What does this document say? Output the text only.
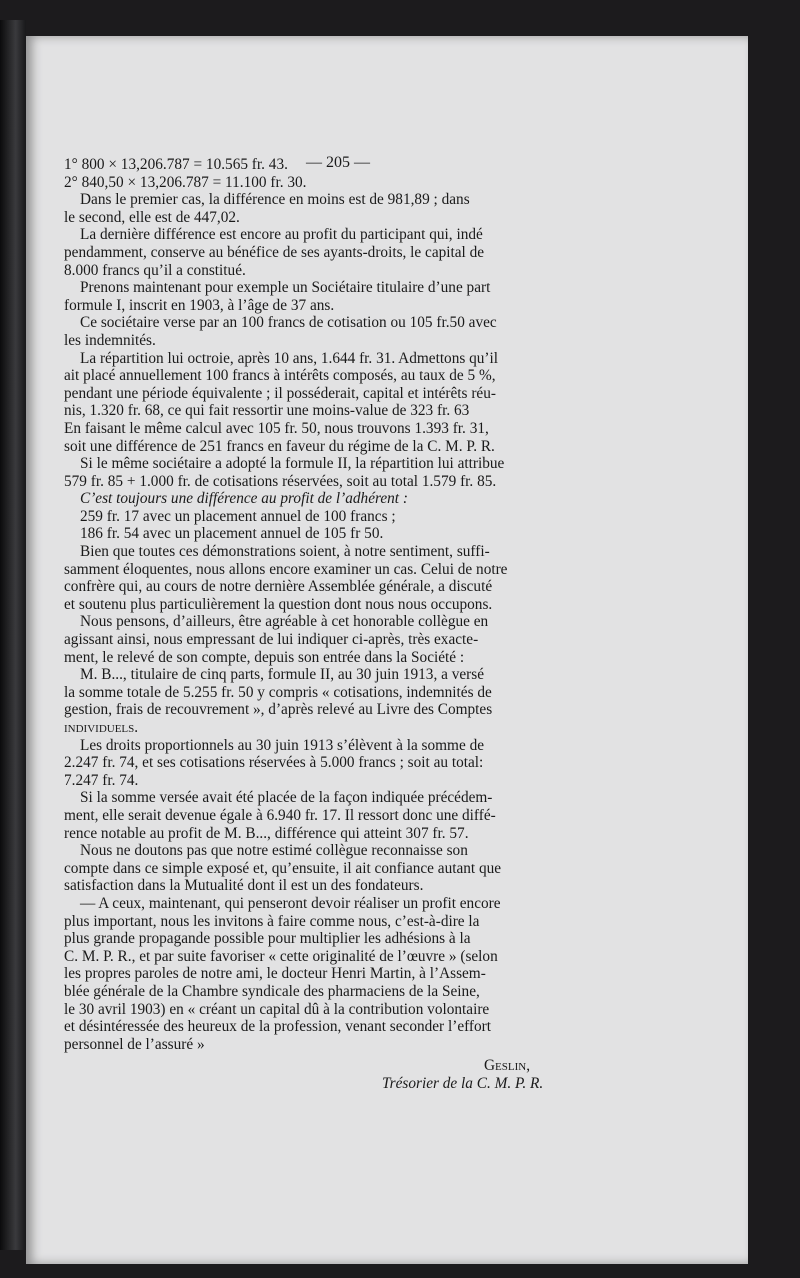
— 205 —
1° 800 × 13,206.787 = 10.565 fr. 43.
2° 840,50 × 13,206.787 = 11.100 fr. 30.
Dans le premier cas, la différence en moins est de 981,89 ; dans
le second, elle est de 447,02.
La dernière différence est encore au profit du participant qui, indé
pendamment, conserve au bénéfice de ses ayants-droits, le capital de
8.000 francs qu’il a constitué.
Prenons maintenant pour exemple un Sociétaire titulaire d’une part
formule I, inscrit en 1903, à l’âge de 37 ans.
Ce sociétaire verse par an 100 francs de cotisation ou 105 fr.50 avec
les indemnités.
La répartition lui octroie, après 10 ans, 1.644 fr. 31. Admettons qu’il
ait placé annuellement 100 francs à intérêts composés, au taux de 5 %,
pendant une période équivalente ; il posséderait, capital et intérêts réu-
nis, 1.320 fr. 68, ce qui fait ressortir une moins-value de 323 fr. 63
En faisant le même calcul avec 105 fr. 50, nous trouvons 1.393 fr. 31,
soit une différence de 251 francs en faveur du régime de la C. M. P. R.
Si le même sociétaire a adopté la formule II, la répartition lui attribue
579 fr. 85 + 1.000 fr. de cotisations réservées, soit au total 1.579 fr. 85.
C’est toujours une différence au profit de l’adhérent :
259 fr. 17 avec un placement annuel de 100 francs ;
186 fr. 54 avec un placement annuel de 105 fr 50.
Bien que toutes ces démonstrations soient, à notre sentiment, suffi-
samment éloquentes, nous allons encore examiner un cas. Celui de notre
confrère qui, au cours de notre dernière Assemblée générale, a discuté
et soutenu plus particulièrement la question dont nous nous occupons.
Nous pensons, d’ailleurs, être agréable à cet honorable collègue en
agissant ainsi, nous empressant de lui indiquer ci-après, très exacte-
ment, le relevé de son compte, depuis son entrée dans la Société :
M. B..., titulaire de cinq parts, formule II, au 30 juin 1913, a versé
la somme totale de 5.255 fr. 50 y compris « cotisations, indemnités de
gestion, frais de recouvrement », d’après relevé au Livre des Comptes
individuels.
Les droits proportionnels au 30 juin 1913 s’élèvent à la somme de
2.247 fr. 74, et ses cotisations réservées à 5.000 francs ; soit au total:
7.247 fr. 74.
Si la somme versée avait été placée de la façon indiquée précédem-
ment, elle serait devenue égale à 6.940 fr. 17. Il ressort donc une diffé-
rence notable au profit de M. B..., différence qui atteint 307 fr. 57.
Nous ne doutons pas que notre estimé collègue reconnaisse son
compte dans ce simple exposé et, qu’ensuite, il ait confiance autant que
satisfaction dans la Mutualité dont il est un des fondateurs.
— A ceux, maintenant, qui penseront devoir réaliser un profit encore
plus important, nous les invitons à faire comme nous, c’est-à-dire la
plus grande propagande possible pour multiplier les adhésions à la
C. M. P. R., et par suite favoriser « cette originalité de l’œuvre » (selon
les propres paroles de notre ami, le docteur Henri Martin, à l’Assem-
blée générale de la Chambre syndicale des pharmaciens de la Seine,
le 30 avril 1903) en « créant un capital dû à la contribution volontaire
et désintéressée des heureux de la profession, venant seconder l’effort
personnel de l’assuré »
Geslin,
Trésorier de la C. M. P. R.
